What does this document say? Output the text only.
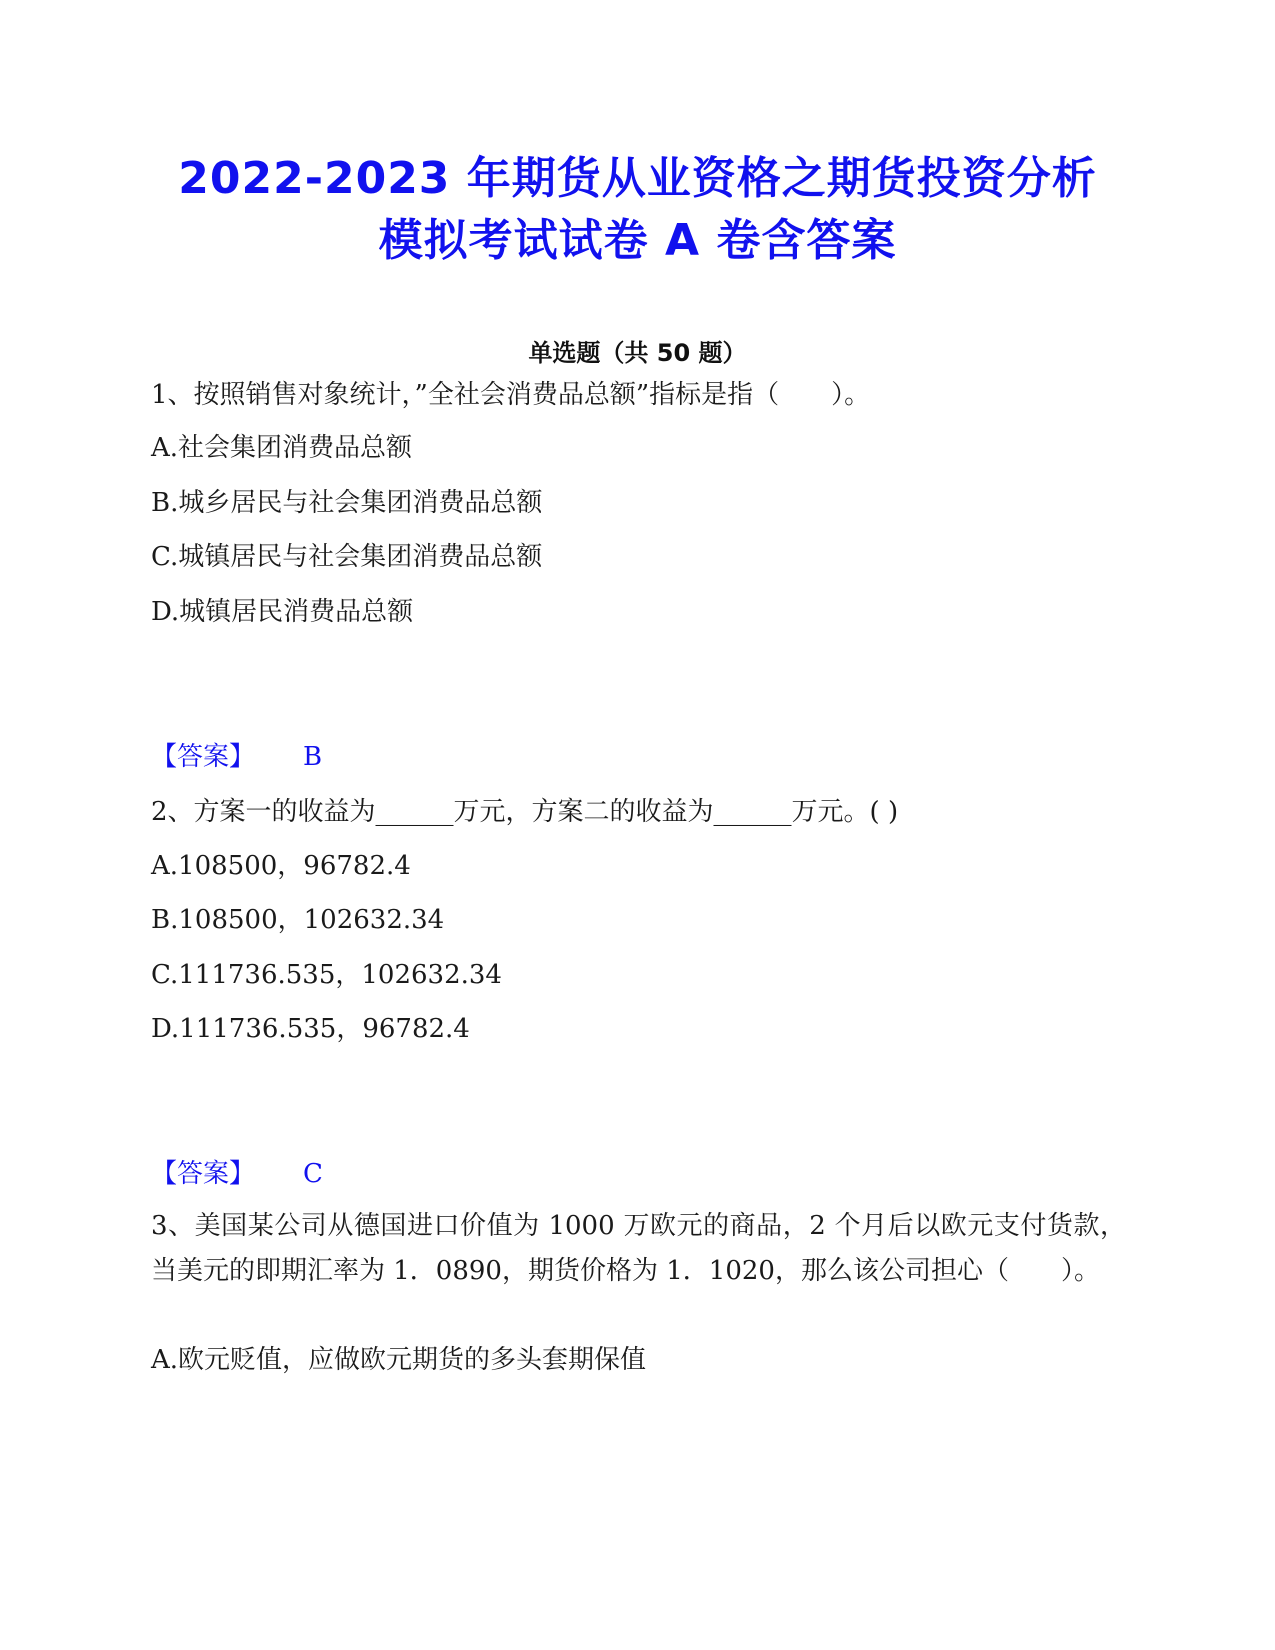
2022-2023 年期货从业资格之期货投资分析
模拟考试试卷 A 卷含答案
单选题（共 50 题）
1、按照销售对象统计，”全社会消费品总额”指标是指（　　）。
A.社会集团消费品总额
B.城乡居民与社会集团消费品总额
C.城镇居民与社会集团消费品总额
D.城镇居民消费品总额
【答案】 B
2、方案一的收益为______万元，方案二的收益为______万元。( )
A.108500，96782.4
B.108500，102632.34
C.111736.535，102632.34
D.111736.535，96782.4
【答案】 C
3、美国某公司从德国进口价值为 1000 万欧元的商品，2 个月后以欧元支付货款，当美元的即期汇率为 1．0890，期货价格为 1．1020，那么该公司担心（　　）。
A.欧元贬值，应做欧元期货的多头套期保值
